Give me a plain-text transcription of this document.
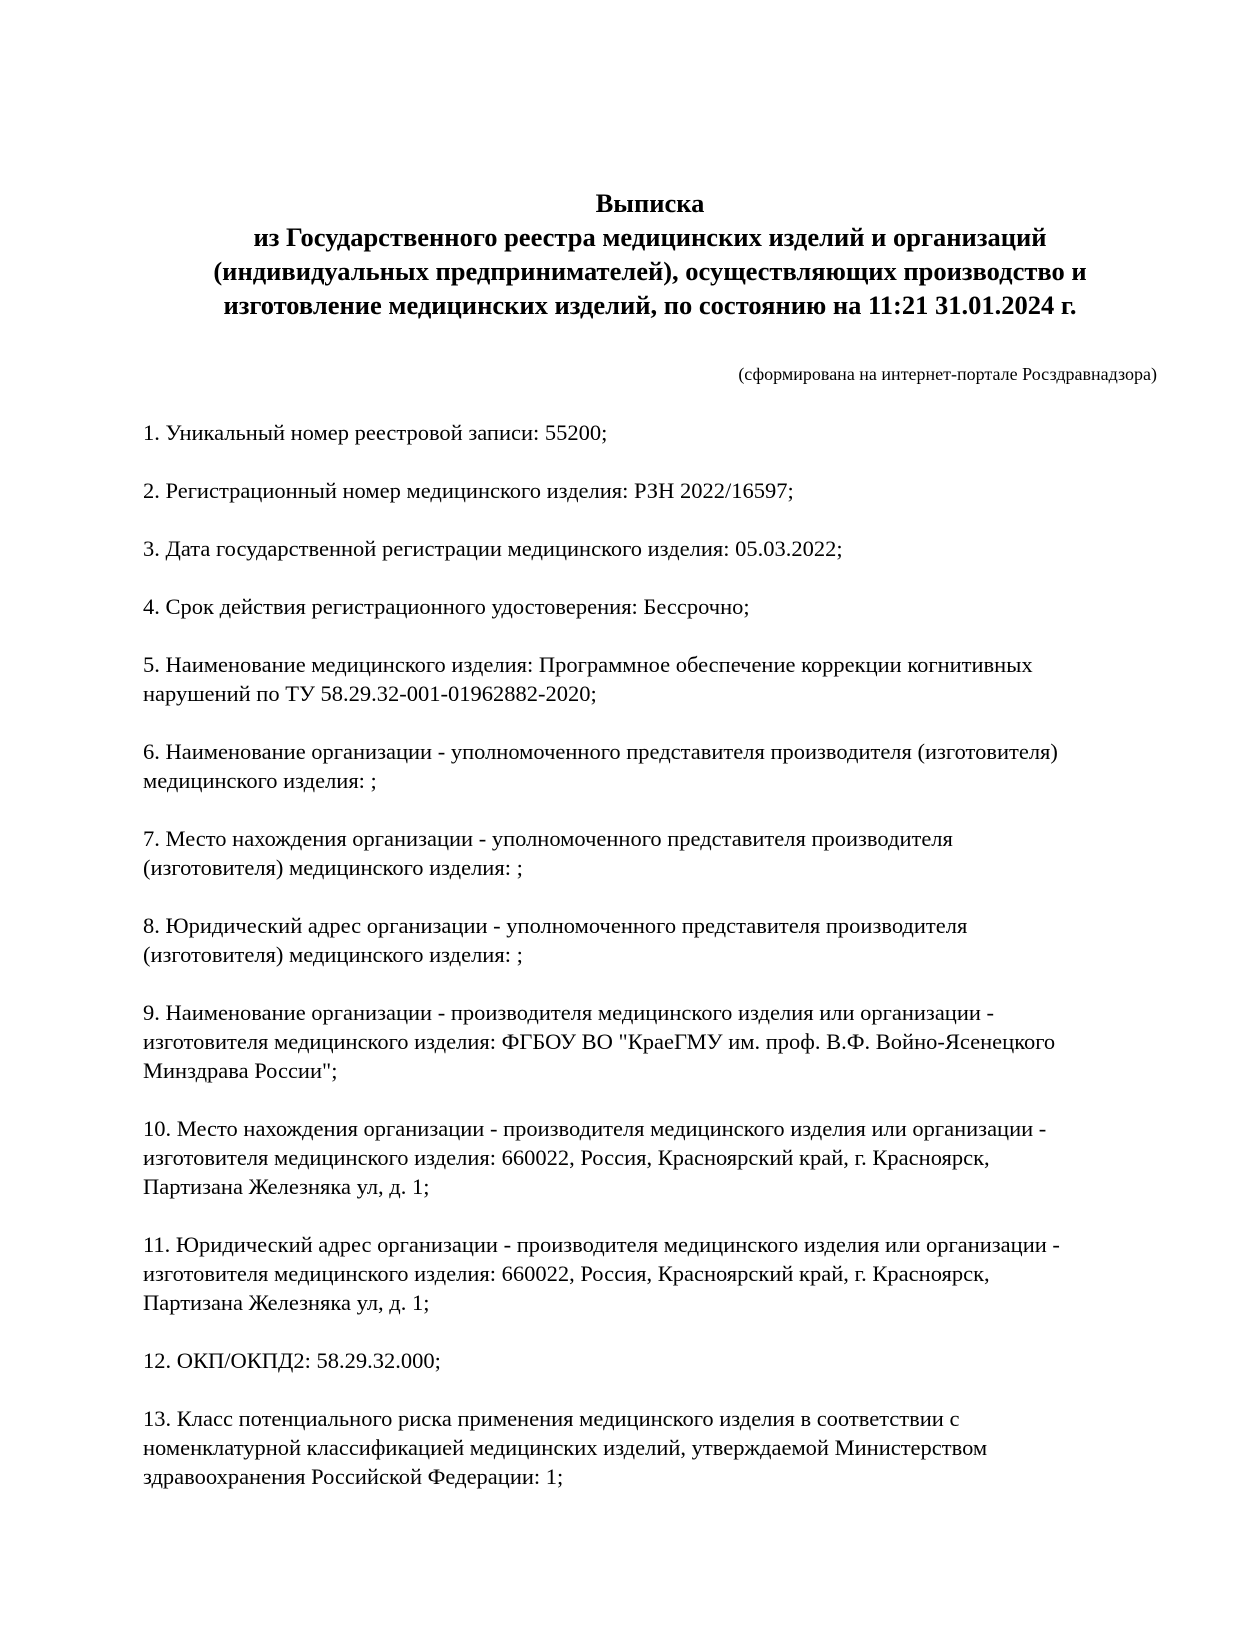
Выписка
из Государственного реестра медицинских изделий и организаций
(индивидуальных предпринимателей), осуществляющих производство и
изготовление медицинских изделий, по состоянию на 11:21 31.01.2024 г.
(сформирована на интернет-портале Росздравнадзора)
1. Уникальный номер реестровой записи: 55200;
2. Регистрационный номер медицинского изделия: РЗН 2022/16597;
3. Дата государственной регистрации медицинского изделия: 05.03.2022;
4. Срок действия регистрационного удостоверения: Бессрочно;
5. Наименование медицинского изделия: Программное обеспечение коррекции когнитивных
нарушений по ТУ 58.29.32-001-01962882-2020;
6. Наименование организации - уполномоченного представителя производителя (изготовителя)
медицинского изделия: ;
7. Место нахождения организации - уполномоченного представителя производителя
(изготовителя) медицинского изделия: ;
8. Юридический адрес организации - уполномоченного представителя производителя
(изготовителя) медицинского изделия: ;
9. Наименование организации - производителя медицинского изделия или организации -
изготовителя медицинского изделия: ФГБОУ ВО "КраеГМУ им. проф. В.Ф. Войно-Ясенецкого
Минздрава России";
10. Место нахождения организации - производителя медицинского изделия или организации -
изготовителя медицинского изделия: 660022, Россия, Красноярский край, г. Красноярск,
Партизана Железняка ул, д. 1;
11. Юридический адрес организации - производителя медицинского изделия или организации -
изготовителя медицинского изделия: 660022, Россия, Красноярский край, г. Красноярск,
Партизана Железняка ул, д. 1;
12. ОКП/ОКПД2: 58.29.32.000;
13. Класс потенциального риска применения медицинского изделия в соответствии с
номенклатурной классификацией медицинских изделий, утверждаемой Министерством
здравоохранения Российской Федерации: 1;
